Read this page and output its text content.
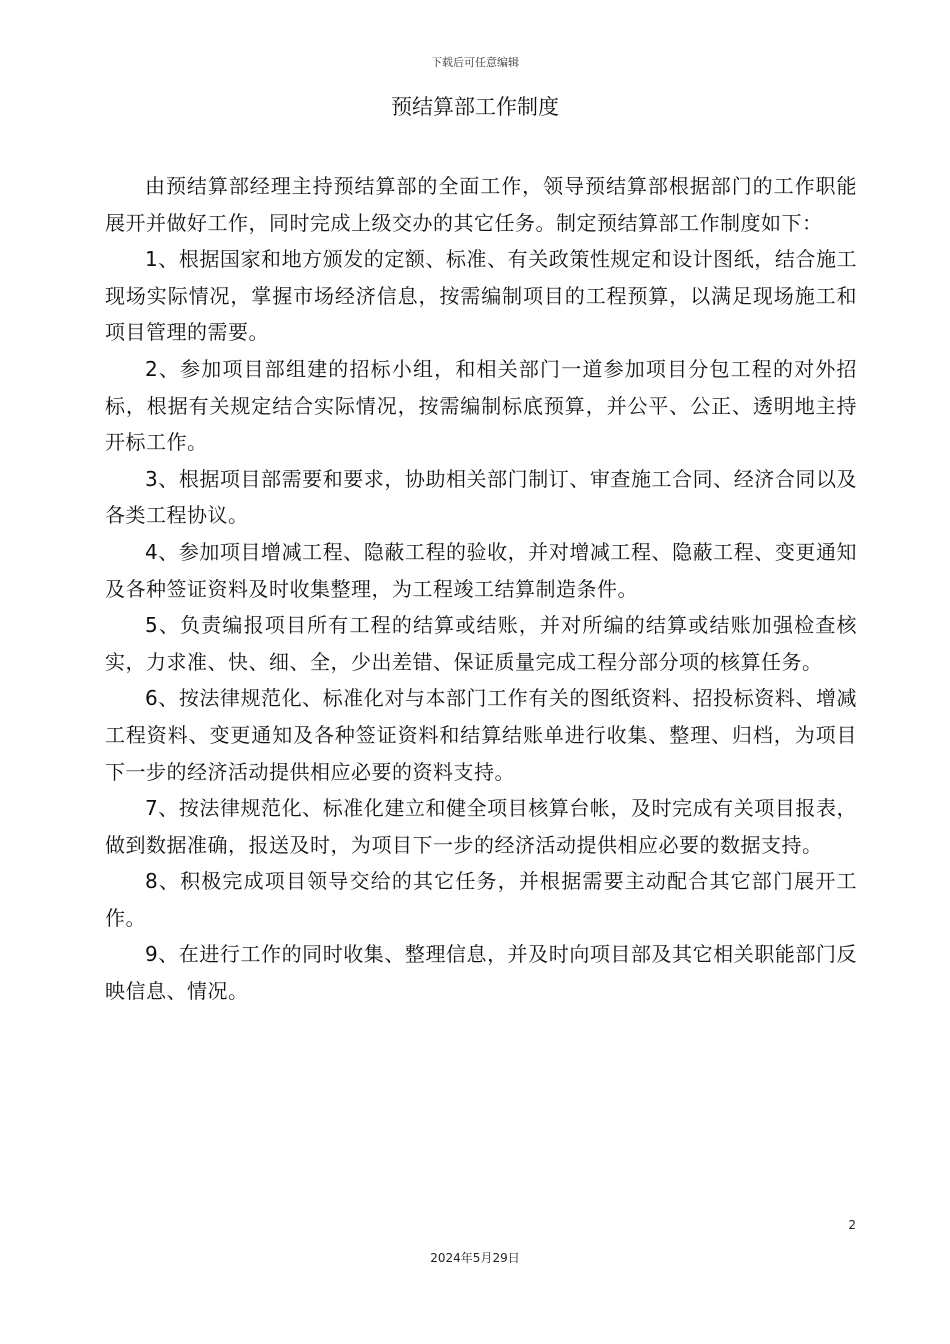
下载后可任意编辑
预结算部工作制度

由预结算部经理主持预结算部的全面工作，领导预结算部根据部门的工作职能展开并做好工作，同时完成上级交办的其它任务。制定预结算部工作制度如下：

1、根据国家和地方颁发的定额、标准、有关政策性规定和设计图纸，结合施工现场实际情况，掌握市场经济信息，按需编制项目的工程预算，以满足现场施工和项目管理的需要。

2、参加项目部组建的招标小组，和相关部门一道参加项目分包工程的对外招标，根据有关规定结合实际情况，按需编制标底预算，并公平、公正、透明地主持开标工作。

3、根据项目部需要和要求，协助相关部门制订、审查施工合同、经济合同以及各类工程协议。

4、参加项目增减工程、隐蔽工程的验收，并对增减工程、隐蔽工程、变更通知及各种签证资料及时收集整理，为工程竣工结算制造条件。

5、负责编报项目所有工程的结算或结账，并对所编的结算或结账加强检查核实，力求准、快、细、全，少出差错、保证质量完成工程分部分项的核算任务。

6、按法律规范化、标准化对与本部门工作有关的图纸资料、招投标资料、增减工程资料、变更通知及各种签证资料和结算结账单进行收集、整理、归档，为项目下一步的经济活动提供相应必要的资料支持。

7、按法律规范化、标准化建立和健全项目核算台帐，及时完成有关项目报表，做到数据准确，报送及时，为项目下一步的经济活动提供相应必要的数据支持。

8、积极完成项目领导交给的其它任务，并根据需要主动配合其它部门展开工作。

9、在进行工作的同时收集、整理信息，并及时向项目部及其它相关职能部门反映信息、情况。

2
2024年5月29日
